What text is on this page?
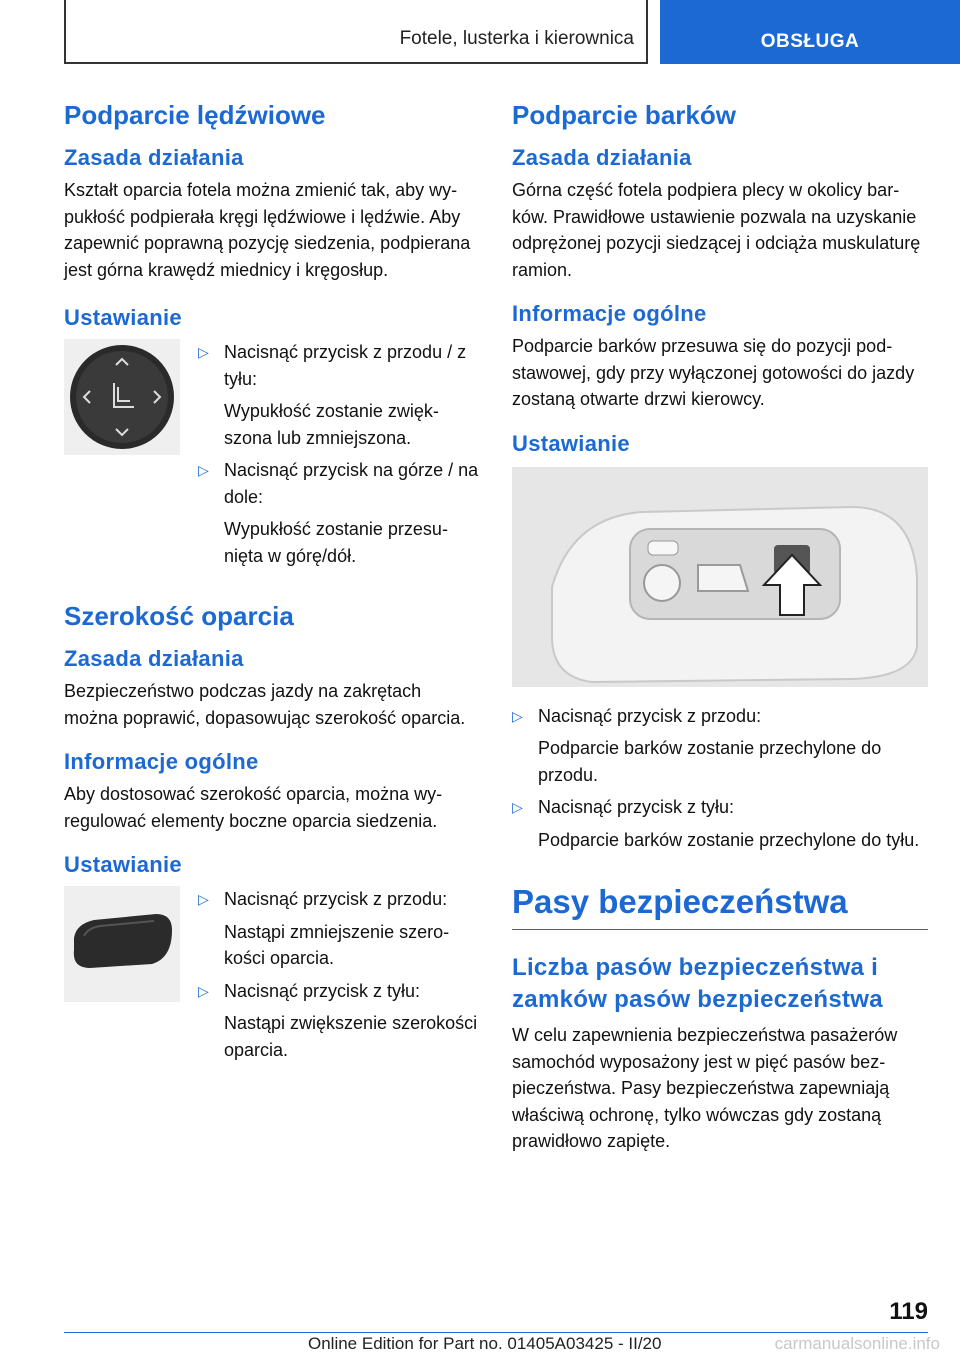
Fotele, lusterka i kierownica	OBSŁUGA
Podparcie lędźwiowe
Zasada działania

Kształt oparcia fotela można zmienić tak, aby wypukłość podpierała kręgi lędźwiowe i lędźwie. Aby zapewnić poprawną pozycję siedzenia, podpierana jest górna krawędź miednicy i kręgosłup.

Ustawianie
▷ Nacisnąć przycisk z przodu / z tyłu:
Wypukłość zostanie zwiększona lub zmniejszona.
▷ Nacisnąć przycisk na górze / na dole:
Wypukłość zostanie przesunięta w górę/dół.
Szerokość oparcia
Zasada działania

Bezpieczeństwo podczas jazdy na zakrętach można poprawić, dopasowując szerokość oparcia.

Informacje ogólne

Aby dostosować szerokość oparcia, można wyregulować elementy boczne oparcia siedzenia.

Ustawianie
▷ Nacisnąć przycisk z przodu:
Nastąpi zmniejszenie szerokości oparcia.
▷ Nacisnąć przycisk z tyłu:
Nastąpi zwiększenie szerokości oparcia.
Podparcie barków
Zasada działania

Górna część fotela podpiera plecy w okolicy barków. Prawidłowe ustawienie pozwala na uzyskanie odprężonej pozycji siedzącej i odciąża muskulaturę ramion.

Informacje ogólne

Podparcie barków przesuwa się do pozycji podstawowej, gdy przy wyłączonej gotowości do jazdy zostaną otwarte drzwi kierowcy.

Ustawianie
▷ Nacisnąć przycisk z przodu:
Podparcie barków zostanie przechylone do przodu.
▷ Nacisnąć przycisk z tyłu:
Podparcie barków zostanie przechylone do tyłu.
Pasy bezpieczeństwa
Liczba pasów bezpieczeństwa i zamków pasów bezpieczeństwa

W celu zapewnienia bezpieczeństwa pasażerów samochód wyposażony jest w pięć pasów bezpieczeństwa. Pasy bezpieczeństwa zapewniają właściwą ochronę, tylko wówczas gdy zostaną prawidłowo zapięte.

119
Online Edition for Part no. 01405A03425 - II/20	carmanualsonline.info
